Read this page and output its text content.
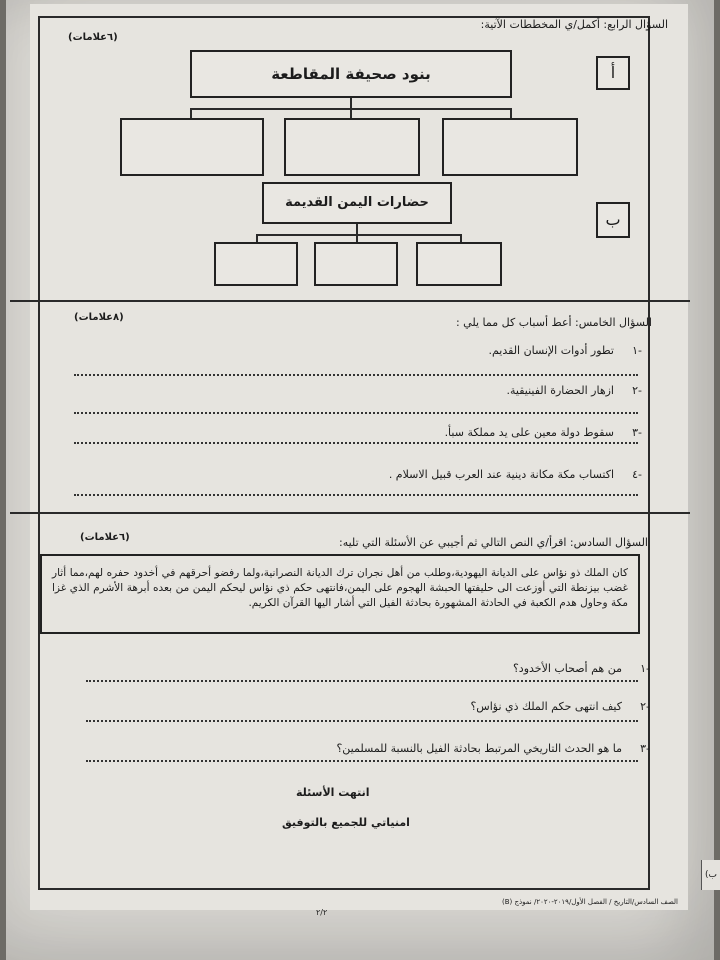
السؤال الرابع: أكمل/ي المخططات الآتية:
(٦علامات)
أ
بنود صحيفة المقاطعة
ب
حضارات اليمن القديمة
السؤال الخامس: أعط أسباب كل مما يلي :
(٨علامات)
-١
تطور أدوات الإنسان القديم.
-٢
ازهار الحضارة الفينيقية.
-٣
سقوط دولة معين على يد مملكة سبأ.
-٤
اكتساب مكة مكانة دينية عند العرب قبيل الاسلام .
السؤال السادس: اقرأ/ي النص التالي ثم أجيبي عن الأسئلة التي تليه:
(٦علامات)
كان الملك ذو نؤاس على الديانة اليهودية،وطلب من أهل نجران ترك الديانة النصرانية،ولما رفضو أحرقهم في أخدود حفره لهم،مما أثار غضب بيزنطة التي أوزعت الى حليفتها الحبشة الهجوم على اليمن،فانتهى حكم ذي نؤاس ليحكم اليمن من بعده أبرهة الأشرم الذي غزا مكة وحاول هدم الكعبة في الحادثة المشهورة بحادثة الفيل التي أشار اليها القرآن الكريم.
-١
من هم أصحاب الأخدود؟
-٢
كيف انتهى حكم الملك ذي نؤاس؟
-٣
ما هو الحدث التاريخي المرتبط بحادثة الفيل بالنسبة للمسلمين؟
انتهت الأسئلة
امنياتي للجميع بالتوفيق
الصف السادس/التاريخ / الفصل الأول/٢٠١٩-٢٠٢٠/ نموذج (B)
٢/٢
(ب
